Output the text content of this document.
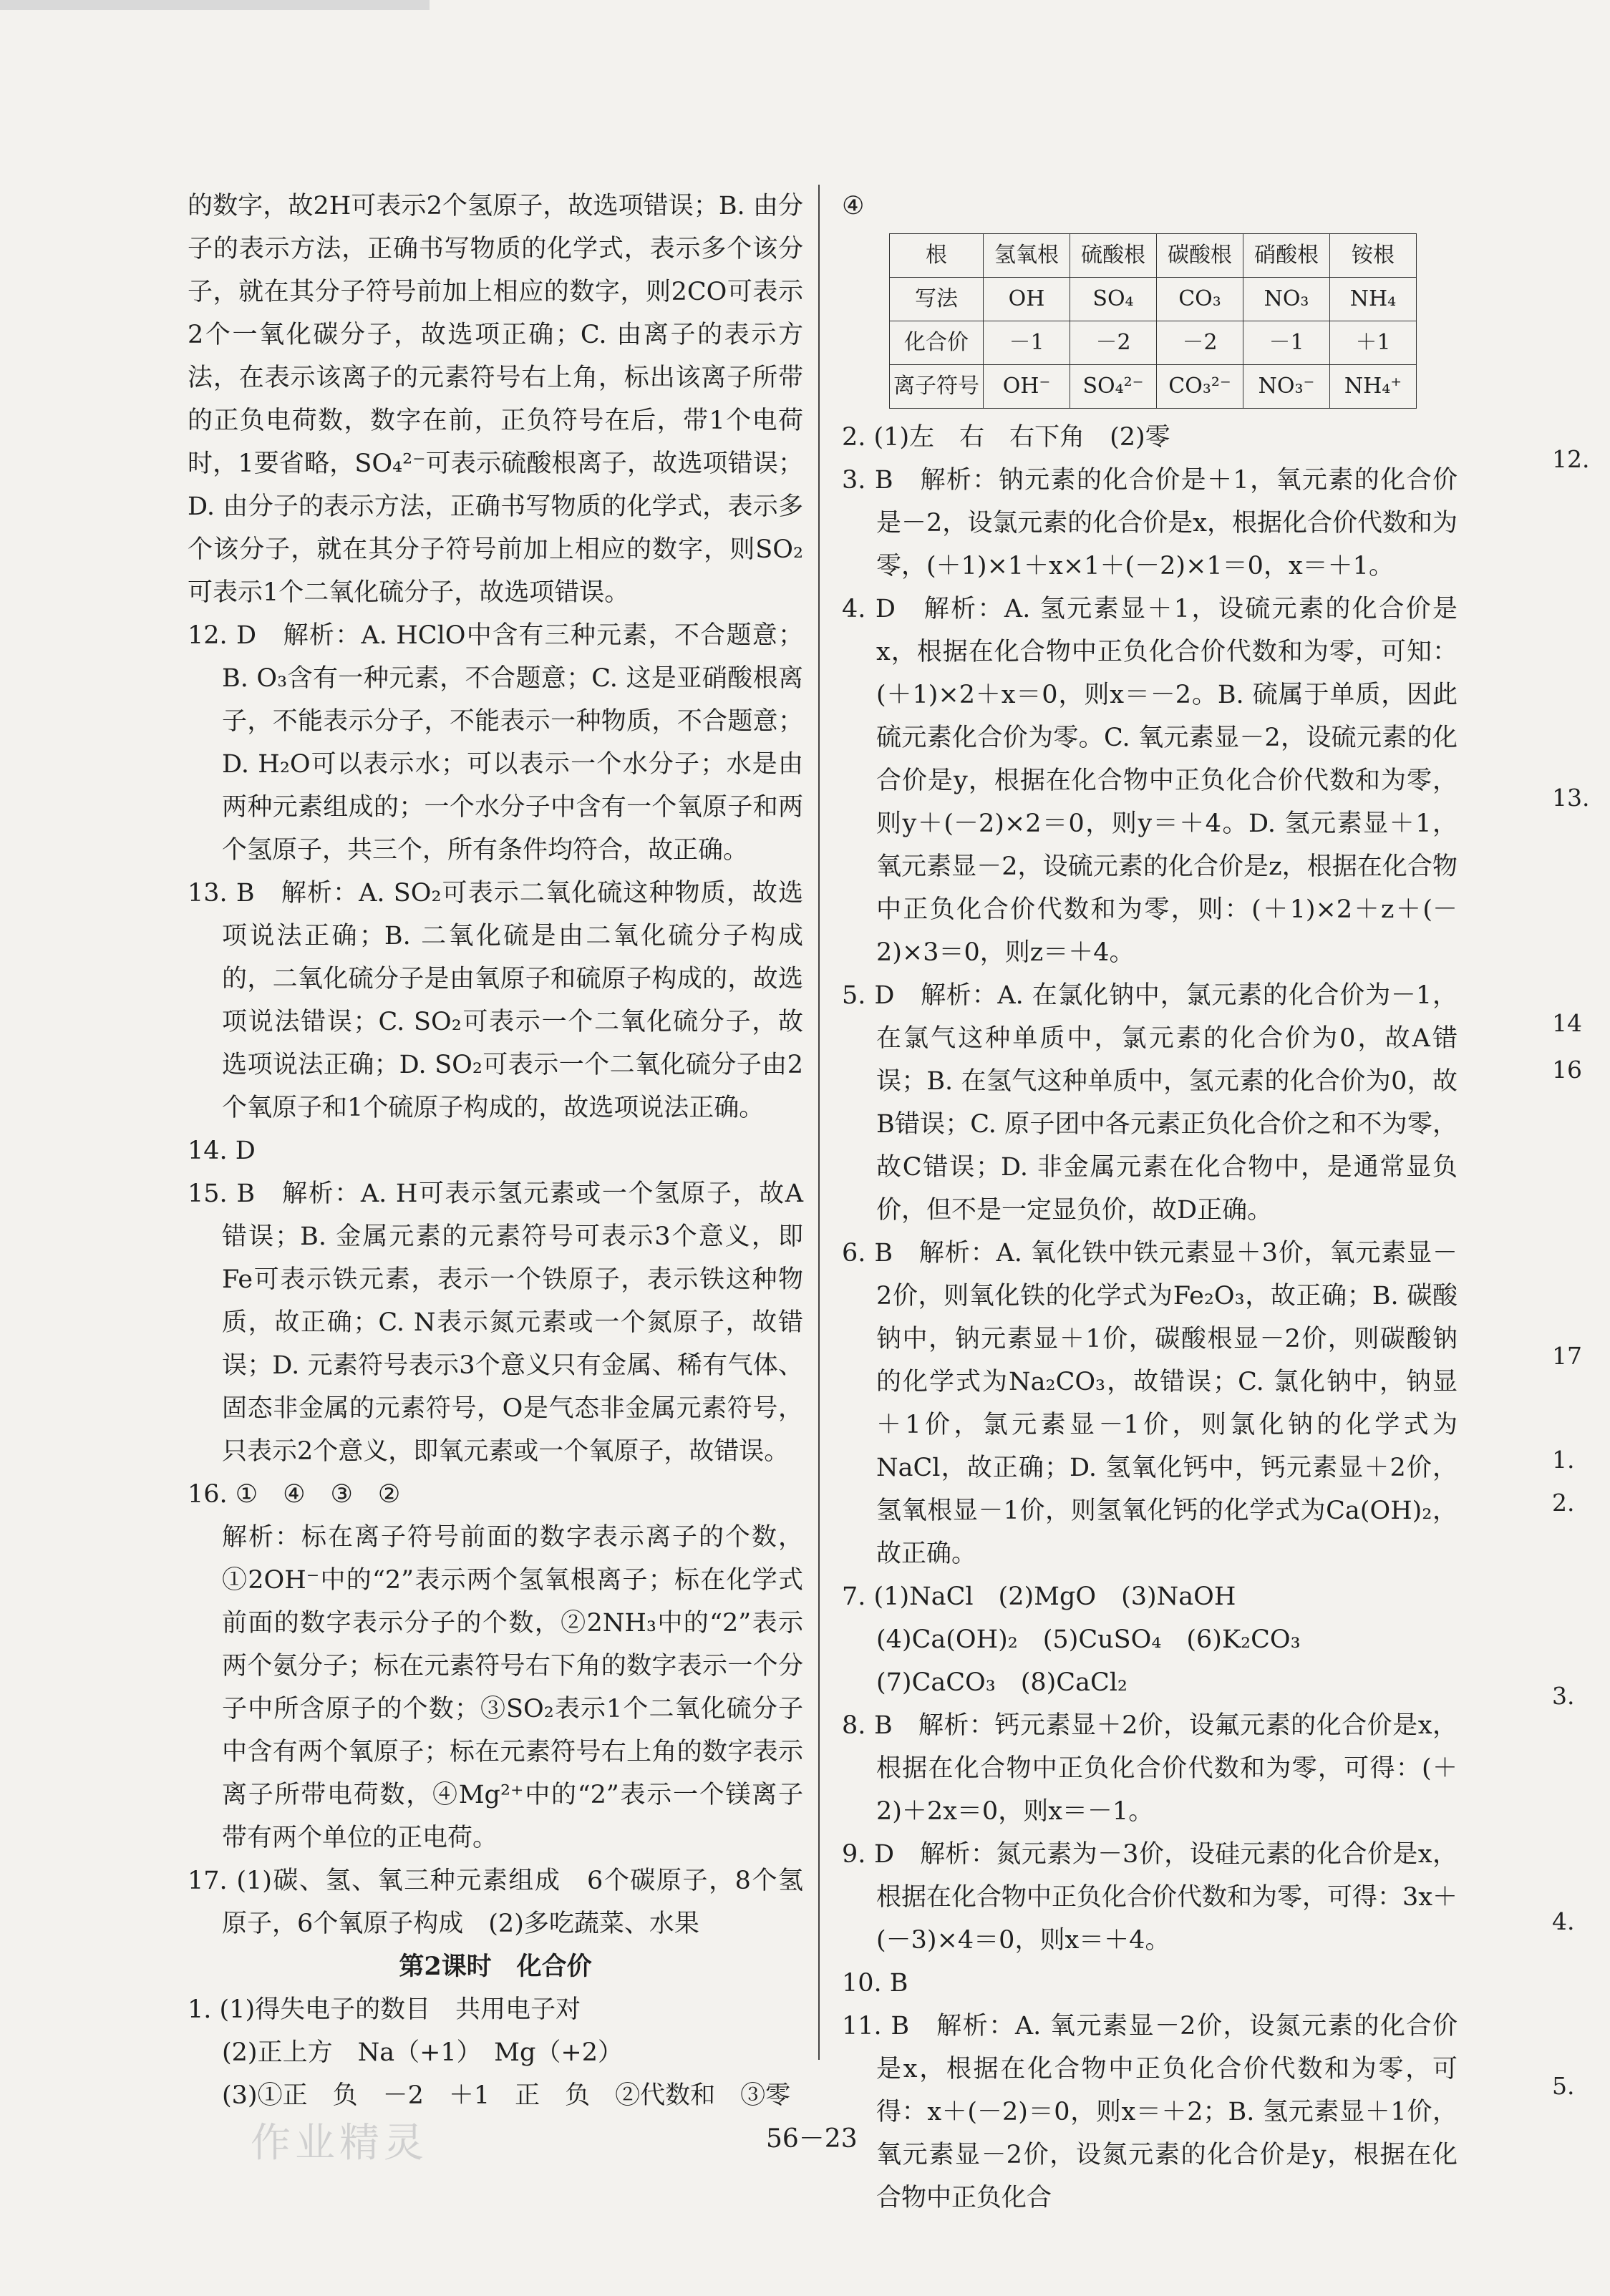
的数字，故2H可表示2个氢原子，故选项错误；B. 由分子的表示方法，正确书写物质的化学式，表示多个该分子，就在其分子符号前加上相应的数字，则2CO可表示2个一氧化碳分子，故选项正确；C. 由离子的表示方法，在表示该离子的元素符号右上角，标出该离子所带的正负电荷数，数字在前，正负符号在后，带1个电荷时，1要省略，SO₄²⁻可表示硫酸根离子，故选项错误；D. 由分子的表示方法，正确书写物质的化学式，表示多个该分子，就在其分子符号前加上相应的数字，则SO₂可表示1个二氧化硫分子，故选项错误。

12. D　解析：A. HClO中含有三种元素，不合题意；B. O₃含有一种元素，不合题意；C. 这是亚硝酸根离子，不能表示分子，不能表示一种物质，不合题意；D. H₂O可以表示水；可以表示一个水分子；水是由两种元素组成的；一个水分子中含有一个氧原子和两个氢原子，共三个，所有条件均符合，故正确。

13. B　解析：A. SO₂可表示二氧化硫这种物质，故选项说法正确；B. 二氧化硫是由二氧化硫分子构成的，二氧化硫分子是由氧原子和硫原子构成的，故选项说法错误；C. SO₂可表示一个二氧化硫分子，故选项说法正确；D. SO₂可表示一个二氧化硫分子由2个氧原子和1个硫原子构成的，故选项说法正确。

14. D

15. B　解析：A. H可表示氢元素或一个氢原子，故A错误；B. 金属元素的元素符号可表示3个意义，即Fe可表示铁元素，表示一个铁原子，表示铁这种物质，故正确；C. N表示氮元素或一个氮原子，故错误；D. 元素符号表示3个意义只有金属、稀有气体、固态非金属的元素符号，O是气态非金属元素符号，只表示2个意义，即氧元素或一个氧原子，故错误。

16. ①　④　③　②

解析：标在离子符号前面的数字表示离子的个数，①2OH⁻中的“2”表示两个氢氧根离子；标在化学式前面的数字表示分子的个数，②2NH₃中的“2”表示两个氨分子；标在元素符号右下角的数字表示一个分子中所含原子的个数；③SO₂表示1个二氧化硫分子中含有两个氧原子；标在元素符号右上角的数字表示离子所带电荷数，④Mg²⁺中的“2”表示一个镁离子带有两个单位的正电荷。

17. (1)碳、氢、氧三种元素组成　6个碳原子，8个氢原子，6个氧原子构成　(2)多吃蔬菜、水果

第2课时　化合价

1. (1)得失电子的数目　共用电子对

(2)正上方　Na（+1）　Mg（+2）

(3)①正　负　－2　＋1　正　负　②代数和　③零

④

根	氢氧根	硫酸根	碳酸根	硝酸根	铵根
写法	OH	SO₄	CO₃	NO₃	NH₄
化合价	－1	－2	－2	－1	＋1
离子符号	OH⁻	SO₄²⁻	CO₃²⁻	NO₃⁻	NH₄⁺

2. (1)左　右　右下角　(2)零

3. B　解析：钠元素的化合价是＋1，氧元素的化合价是－2，设氯元素的化合价是x，根据化合价代数和为零，(＋1)×1＋x×1＋(－2)×1＝0，x＝＋1。

4. D　解析：A. 氢元素显＋1，设硫元素的化合价是x，根据在化合物中正负化合价代数和为零，可知：(＋1)×2＋x＝0，则x＝－2。B. 硫属于单质，因此硫元素化合价为零。C. 氧元素显－2，设硫元素的化合价是y，根据在化合物中正负化合价代数和为零，则y＋(－2)×2＝0，则y＝＋4。D. 氢元素显＋1，氧元素显－2，设硫元素的化合价是z，根据在化合物中正负化合价代数和为零，则：(＋1)×2＋z＋(－2)×3＝0，则z＝＋4。

5. D　解析：A. 在氯化钠中，氯元素的化合价为－1，在氯气这种单质中，氯元素的化合价为0，故A错误；B. 在氢气这种单质中，氢元素的化合价为0，故B错误；C. 原子团中各元素正负化合价之和不为零，故C错误；D. 非金属元素在化合物中，是通常显负价，但不是一定显负价，故D正确。

6. B　解析：A. 氧化铁中铁元素显＋3价，氧元素显－2价，则氧化铁的化学式为Fe₂O₃，故正确；B. 碳酸钠中，钠元素显＋1价，碳酸根显－2价，则碳酸钠的化学式为Na₂CO₃，故错误；C. 氯化钠中，钠显＋1价，氯元素显－1价，则氯化钠的化学式为NaCl，故正确；D. 氢氧化钙中，钙元素显＋2价，氢氧根显－1价，则氢氧化钙的化学式为Ca(OH)₂，故正确。

7. (1)NaCl　(2)MgO　(3)NaOH

(4)Ca(OH)₂　(5)CuSO₄　(6)K₂CO₃

(7)CaCO₃　(8)CaCl₂

8. B　解析：钙元素显＋2价，设氟元素的化合价是x，根据在化合物中正负化合价代数和为零，可得：(＋2)＋2x＝0，则x＝－1。

9. D　解析：氮元素为－3价，设硅元素的化合价是x，根据在化合物中正负化合价代数和为零，可得：3x＋(－3)×4＝0，则x＝＋4。

10. B

11. B　解析：A. 氧元素显－2价，设氮元素的化合价是x，根据在化合物中正负化合价代数和为零，可得：x＋(－2)＝0，则x＝＋2；B. 氢元素显＋1价，氧元素显－2价，设氮元素的化合价是y，根据在化合物中正负化合

56－23
作业精灵
12.
13.
14
16
17
1.
2.
3.
4.
5.
